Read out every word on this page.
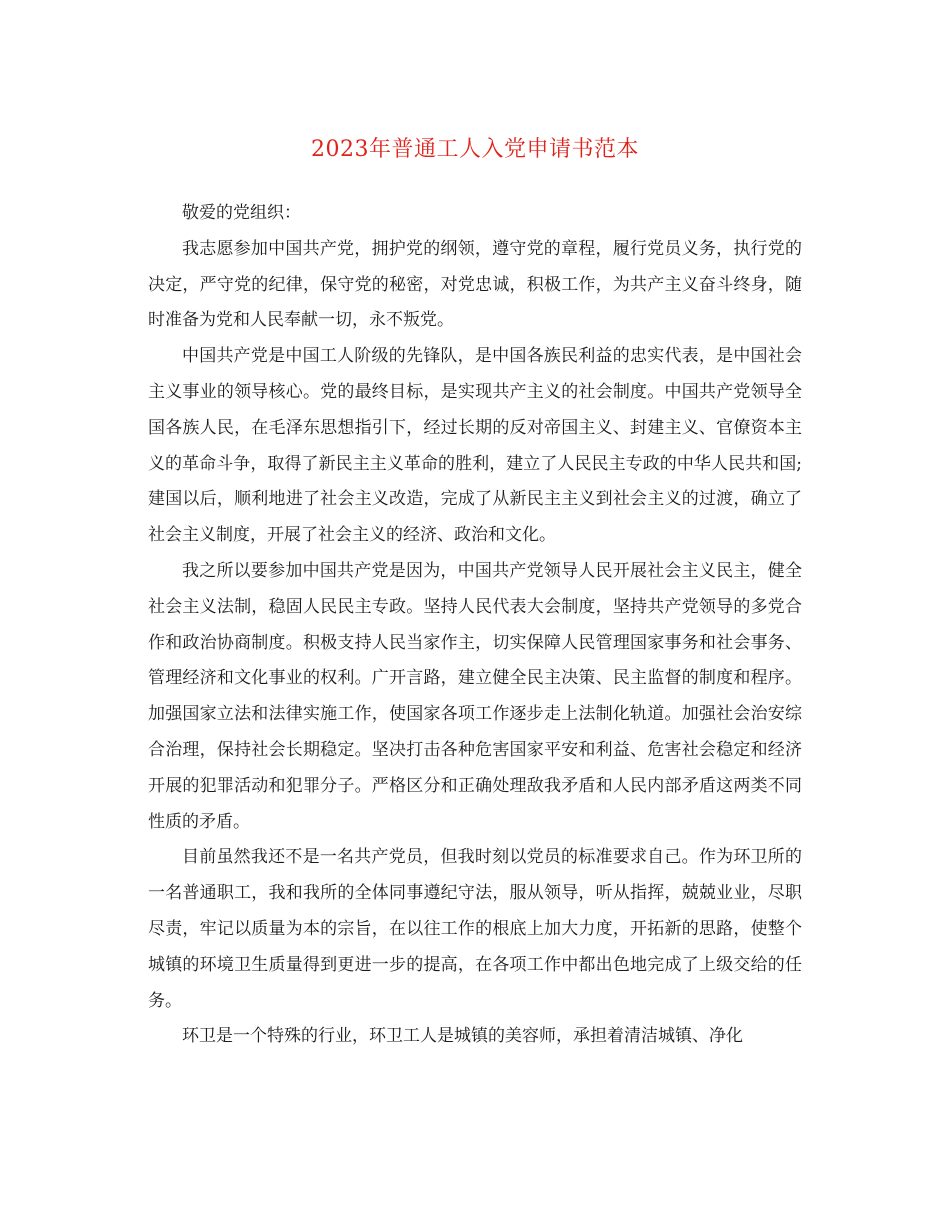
2023年普通工人入党申请书范本

敬爱的党组织：

我志愿参加中国共产党，拥护党的纲领，遵守党的章程，履行党员义务，执行党的决定，严守党的纪律，保守党的秘密，对党忠诚，积极工作，为共产主义奋斗终身，随时准备为党和人民奉献一切，永不叛党。

中国共产党是中国工人阶级的先锋队，是中国各族民利益的忠实代表，是中国社会主义事业的领导核心。党的最终目标，是实现共产主义的社会制度。中国共产党领导全国各族人民，在毛泽东思想指引下，经过长期的反对帝国主义、封建主义、官僚资本主义的革命斗争，取得了新民主主义革命的胜利，建立了人民民主专政的中华人民共和国;建国以后，顺利地进了社会主义改造，完成了从新民主主义到社会主义的过渡，确立了社会主义制度，开展了社会主义的经济、政治和文化。

我之所以要参加中国共产党是因为，中国共产党领导人民开展社会主义民主，健全社会主义法制，稳固人民民主专政。坚持人民代表大会制度，坚持共产党领导的多党合作和政治协商制度。积极支持人民当家作主，切实保障人民管理国家事务和社会事务、管理经济和文化事业的权利。广开言路，建立健全民主决策、民主监督的制度和程序。加强国家立法和法律实施工作，使国家各项工作逐步走上法制化轨道。加强社会治安综合治理，保持社会长期稳定。坚决打击各种危害国家平安和利益、危害社会稳定和经济开展的犯罪活动和犯罪分子。严格区分和正确处理敌我矛盾和人民内部矛盾这两类不同性质的矛盾。

目前虽然我还不是一名共产党员，但我时刻以党员的标准要求自己。作为环卫所的一名普通职工，我和我所的全体同事遵纪守法，服从领导，听从指挥，兢兢业业，尽职尽责，牢记以质量为本的宗旨，在以往工作的根底上加大力度，开拓新的思路，使整个城镇的环境卫生质量得到更进一步的提高，在各项工作中都出色地完成了上级交给的任务。

环卫是一个特殊的行业，环卫工人是城镇的美容师，承担着清洁城镇、净化
